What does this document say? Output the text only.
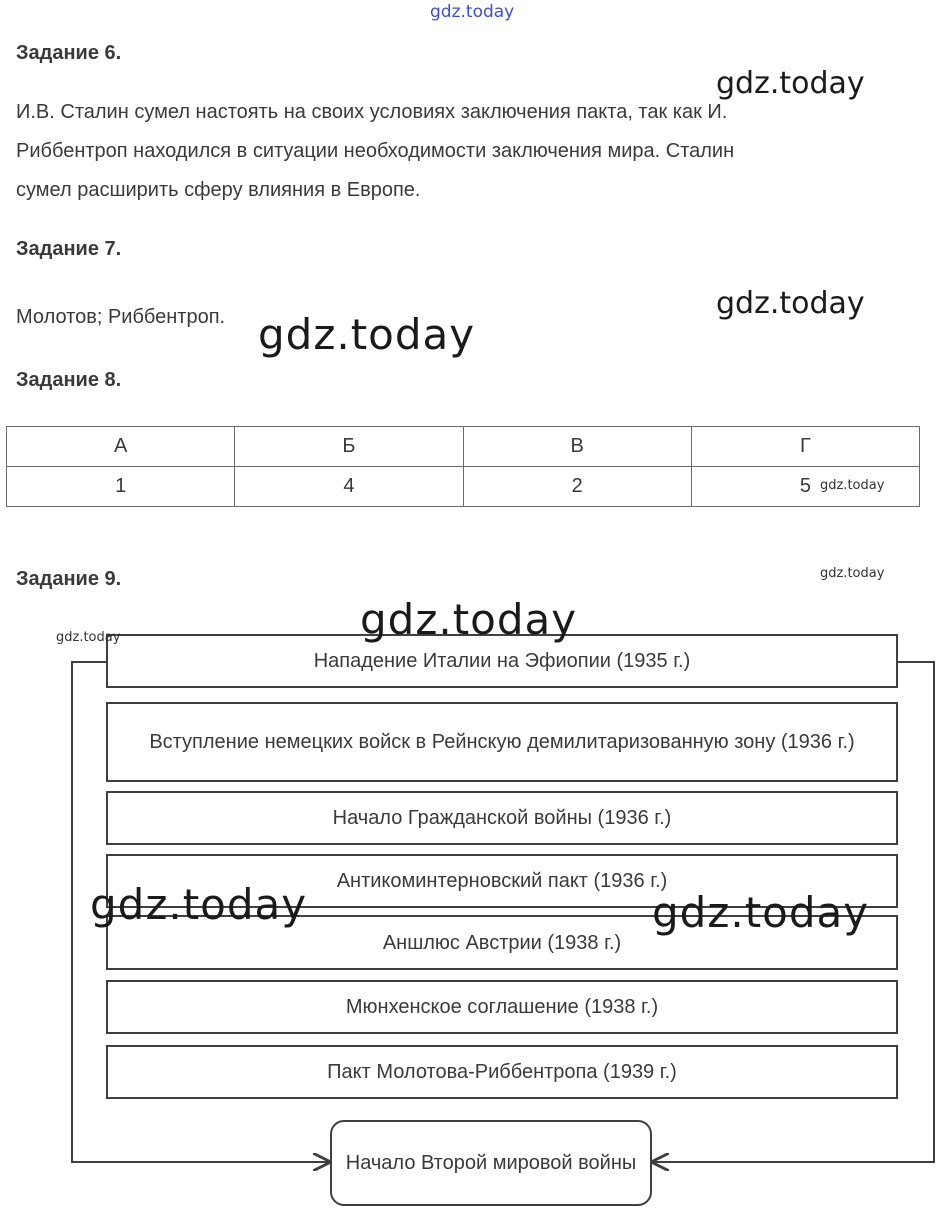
gdz.today
Задание 6.
И.В. Сталин сумел настоять на своих условиях заключения пакта, так как И.
Риббентроп находился в ситуации необходимости заключения мира. Сталин
сумел расширить сферу влияния в Европе.
gdz.today
Задание 7.
Молотов; Риббентроп.	gdz.today
gdz.today
Задание 8.
А	Б	В	Г
1	4	2	5 gdz.today
Задание 9.	gdz.today
Нападение Италии на Эфиопии (1935 г.)
Вступление немецких войск в Рейнскую демилитаризованную зону (1936 г.)
Начало Гражданской войны (1936 г.)
Антикоминтерновский пакт (1936 г.)
Аншлюс Австрии (1938 г.)
Мюнхенское соглашение (1938 г.)
Пакт Молотова-Риббентропа (1939 г.)
Начало Второй мировой войны
gdz.today	gdz.today
gdz.today	gdz.today
